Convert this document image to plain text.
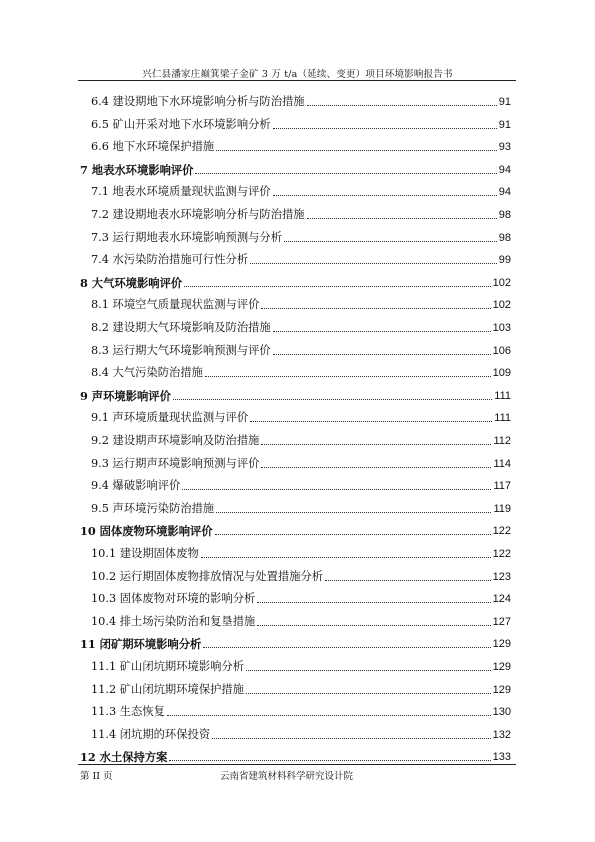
兴仁县潘家庄巅箕梁子金矿 3 万 t/a（延续、变更）项目环境影响报告书
6.4 建设期地下水环境影响分析与防治措施	91
6.5 矿山开采对地下水环境影响分析	91
6.6 地下水环境保护措施	93
7 地表水环境影响评价	94
7.1 地表水环境质量现状监测与评价	94
7.2 建设期地表水环境影响分析与防治措施	98
7.3 运行期地表水环境影响预测与分析	98
7.4 水污染防治措施可行性分析	99
8 大气环境影响评价	102
8.1 环境空气质量现状监测与评价	102
8.2 建设期大气环境影响及防治措施	103
8.3 运行期大气环境影响预测与评价	106
8.4 大气污染防治措施	109
9 声环境影响评价	111
9.1 声环境质量现状监测与评价	111
9.2 建设期声环境影响及防治措施	112
9.3 运行期声环境影响预测与评价	114
9.4 爆破影响评价	117
9.5 声环境污染防治措施	119
10 固体废物环境影响评价	122
10.1 建设期固体废物	122
10.2 运行期固体废物排放情况与处置措施分析	123
10.3 固体废物对环境的影响分析	124
10.4 排土场污染防治和复垦措施	127
11 闭矿期环境影响分析	129
11.1 矿山闭坑期环境影响分析	129
11.2 矿山闭坑期环境保护措施	129
11.3 生态恢复	130
11.4 闭坑期的环保投资	132
12 水土保持方案	133
第 II 页	云南省建筑材料科学研究设计院
